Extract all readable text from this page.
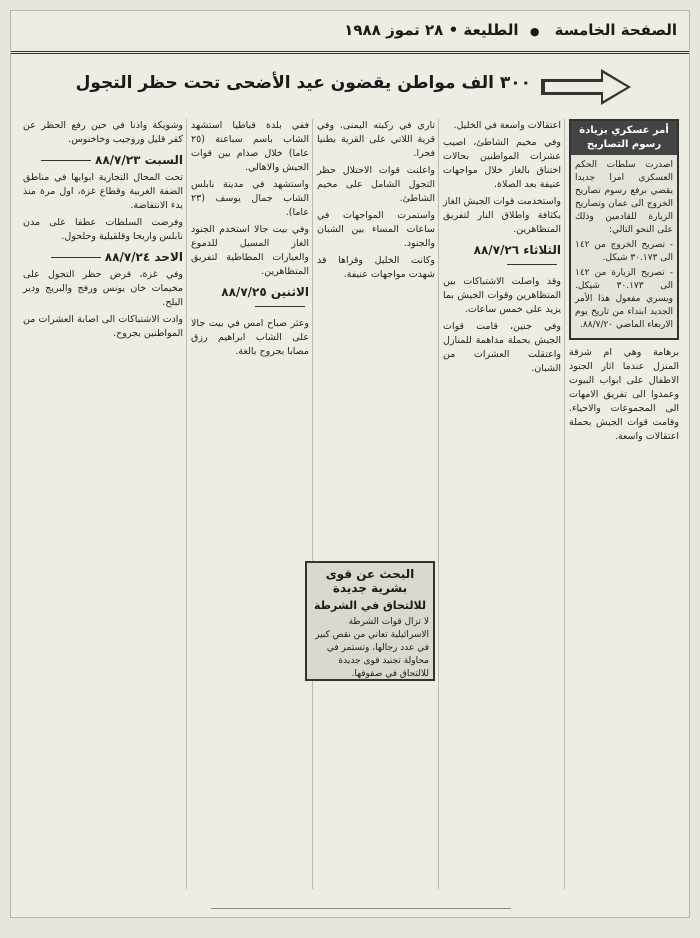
الصفحة الخامسة ● الطليعة • ٢٨ تموز ١٩٨٨
٣٠٠ الف مواطن يقضون عيد الأضحى تحت حظر التجول
أمر عسكري بزيادة رسوم التصاريح

اصدرت سلطات الحكم العسكري امرا جديدا يقضي برفع رسوم تصاريح الخروج الى عمان وتصاريح الزيارة للقادمين وذلك على النحو التالي:

- تصريح الخروج من ١٤٢ الى ٣٠.١٧٣ شيكل.

- تصريح الزيارة من ١٤٢ الى ٣٠.١٧٣ شيكل. ويسري مفعول هذا الأمر الجديد ابتداء من تاريخ يوم الاربعاء الماضي ٨٨/٧/٢٠.

برهامة وهي ام شرقة المنزل عندما اثار الجنود الاطفال على ابواب البيوت وعمدوا الى تفريق الامهات الى المجموعات والاحياء. وقامت قوات الجيش بحملة اعتقالات واسعة.

اعتقالات واسعة في الخليل.

وفي مخيم الشاطئ، اصيب عشرات المواطنين بحالات اختناق بالغاز خلال مواجهات عنيفة بعد الصلاة.

واستخدمت قوات الجيش الغاز بكثافة واطلاق النار لتفريق المتظاهرين.

الثلاثاء ٨٨/٧/٢٦

وقد واصلت الاشتباكات بين المتظاهرين وقوات الجيش بما يزيد على خمس ساعات.

وفي جنين، قامت قوات الجيش بحملة مداهمة للمنازل واعتقلت العشرات من الشبان.

تاري في ركبته اليمنى. وفي قرية اللاتي على القرية بطنيا فجرا.

واعلنت قوات الاحتلال حظر التجول الشامل على مخيم الشاطئ.

واستمرت المواجهات في ساعات المساء بين الشبان والجنود.

وكانت الخليل وقراها قد شهدت مواجهات عنيفة.

البحث عن قوى بشرية جديدة
للالتحاق في الشرطة

لا تزال قوات الشرطة الاسرائيلية تعاني من نقص كبير في عدد رجالها، وتستمر في محاولة تجنيد قوى جديدة للالتحاق في صفوفها.

ففي بلدة قباطيا استشهد الشاب باسم سباعنة (٢٥ عاما) خلال صدام بين قوات الجيش والاهالي.

واستشهد في مدينة نابلس الشاب جمال يوسف (٢٣ عاما).

وفي بيت جالا استخدم الجنود الغاز المسيل للدموع والعيارات المطاطية لتفريق المتظاهرين.

الاثنين ٨٨/٧/٢٥

وعثر صباح امس في بيت جالا على الشاب ابراهيم رزق مصابا بجروح بالغة.

وشويكة واذنا في حين رفع الحظر عن كفر قليل وروجيب وخاخنوس.

السبت ٨٨/٧/٢٣

تحت المحال التجارية ابوابها في مناطق الضفة الغربية وقطاع غزة، اول مرة منذ بدء الانتفاضة.

وفرضت السلطات عطفا على مدن نابلس واريحا وقلقيلية وحلحول.

الاحد ٨٨/٧/٢٤

وفي غزة، فرض حظر التجول على مخيمات خان يونس ورفح والبريج ودير البلح.

وادت الاشتباكات الى اصابة العشرات من المواطنين بجروح.
